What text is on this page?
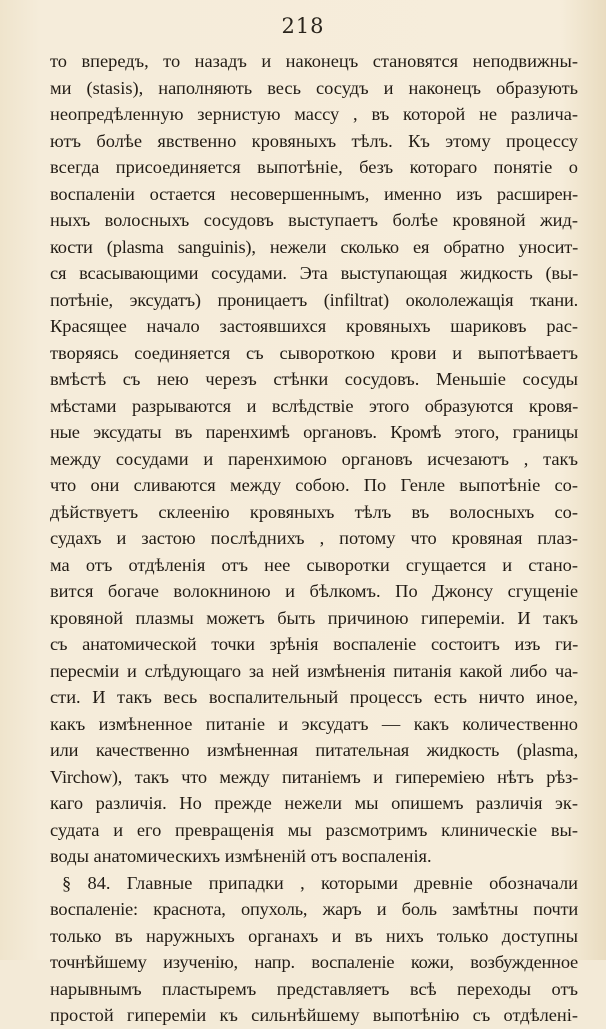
218
то впередъ, то назадъ и наконецъ становятся неподвижны-
ми (stasis), наполняють весь сосудъ и наконецъ образують
неопредѣленную зернистую массу , въ которой не различа-
ютъ болѣе явственно кровяныхъ тѣлъ. Къ этому процессу
всегда присоединяется выпотѣніе, безъ котораго понятіе о
воспаленіи остается несовершеннымъ, именно изъ расширен-
ныхъ волосныхъ сосудовъ выступаетъ болѣе кровяной жид-
кости (plasma sanguinis), нежели сколько ея обратно уносит-
ся всасывающими сосудами. Эта выступающая жидкость (вы-
потѣніе, эксудатъ) проницаетъ (infiltrat) окололежащія ткани.
Красящее начало застоявшихся кровяныхъ шариковъ рас-
творяясь соединяется съ сывороткою крови и выпотѣваетъ
вмѣстѣ съ нею черезъ стѣнки сосудовъ. Меньшіе сосуды
мѣстами разрываются и вслѣдствіе этого образуются кровя-
ные эксудаты въ паренхимѣ органовъ. Кромѣ этого, границы
между сосудами и паренхимою органовъ исчезаютъ , такъ
что они сливаются между собою. По Генле выпотѣніе со-
дѣйствуетъ склеенію кровяныхъ тѣлъ въ волосныхъ со-
судахъ и застою послѣднихъ , потому что кровяная плаз-
ма отъ отдѣленія отъ нее сыворотки сгущается и стано-
вится богаче волокниною и бѣлкомъ. По Джонсу сгущеніе
кровяной плазмы можетъ быть причиною гипереміи. И такъ
съ анатомической точки зрѣнія воспаленіе состоитъ изъ ги-
пересміи и слѣдующаго за ней измѣненія питанія какой либо ча-
сти. И такъ весь воспалительный процессъ есть ничто иное,
какъ измѣненное питаніе и эксудатъ — какъ количественно
или качественно измѣненная питательная жидкость (plasma,
Virchow), такъ что между питаніемъ и гипереміею нѣтъ рѣз-
каго различія. Но прежде нежели мы опишемъ различія эк-
судата и его превращенія мы разсмотримъ клиническіе вы-
воды анатомическихъ измѣненій отъ воспаленія.
§ 84. Главные припадки , которыми древніе обозначали
воспаленіе: краснота, опухоль, жаръ и боль замѣтны почти
только въ наружныхъ органахъ и въ нихъ только доступны
точнѣйшему изученію, напр. воспаленіе кожи, возбужденное
нарывнымъ пластыремъ представляетъ всѣ переходы отъ
простой гипереміи къ сильнѣйшему выпотѣнію съ отдѣлені-
